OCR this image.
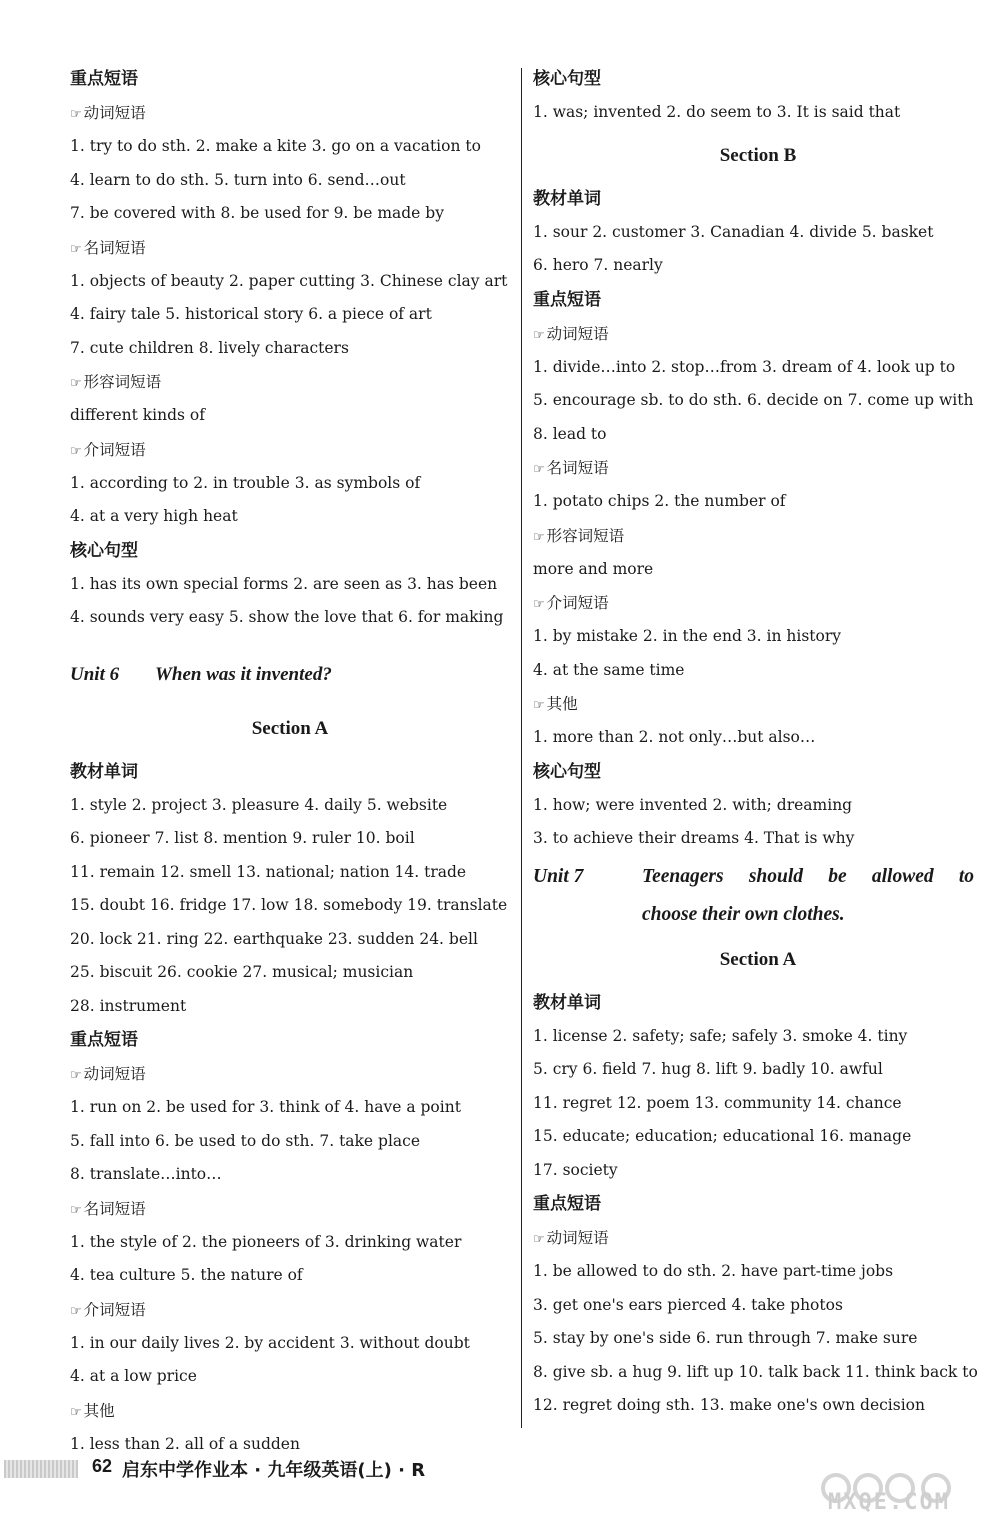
重点短语
☞ 动词短语
1. try to do sth. 2. make a kite 3. go on a vacation to
4. learn to do sth. 5. turn into 6. send…out
7. be covered with 8. be used for 9. be made by
☞ 名词短语
1. objects of beauty 2. paper cutting 3. Chinese clay art
4. fairy tale 5. historical story 6. a piece of art
7. cute children 8. lively characters
☞ 形容词短语
different kinds of
☞ 介词短语
1. according to 2. in trouble 3. as symbols of
4. at a very high heat
核心句型
1. has its own special forms 2. are seen as 3. has been
4. sounds very easy 5. show the love that 6. for making
Unit 6 When was it invented?
Section A
教材单词
1. style 2. project 3. pleasure 4. daily 5. website
6. pioneer 7. list 8. mention 9. ruler 10. boil
11. remain 12. smell 13. national; nation 14. trade
15. doubt 16. fridge 17. low 18. somebody 19. translate
20. lock 21. ring 22. earthquake 23. sudden 24. bell
25. biscuit 26. cookie 27. musical; musician
28. instrument
重点短语
☞ 动词短语
1. run on 2. be used for 3. think of 4. have a point
5. fall into 6. be used to do sth. 7. take place
8. translate…into…
☞ 名词短语
1. the style of 2. the pioneers of 3. drinking water
4. tea culture 5. the nature of
☞ 介词短语
1. in our daily lives 2. by accident 3. without doubt
4. at a low price
☞ 其他
1. less than 2. all of a sudden
核心句型
1. was; invented 2. do seem to 3. It is said that
Section B
教材单词
1. sour 2. customer 3. Canadian 4. divide 5. basket
6. hero 7. nearly
重点短语
☞ 动词短语
1. divide…into 2. stop…from 3. dream of 4. look up to
5. encourage sb. to do sth. 6. decide on 7. come up with
8. lead to
☞ 名词短语
1. potato chips 2. the number of
☞ 形容词短语
more and more
☞ 介词短语
1. by mistake 2. in the end 3. in history
4. at the same time
☞ 其他
1. more than 2. not only…but also…
核心句型
1. how; were invented 2. with; dreaming
3. to achieve their dreams 4. That is why
Unit 7	Teenagers should be allowed to
choose their own clothes.
Section A
教材单词
1. license 2. safety; safe; safely 3. smoke 4. tiny
5. cry 6. field 7. hug 8. lift 9. badly 10. awful
11. regret 12. poem 13. community 14. chance
15. educate; education; educational 16. manage
17. society
重点短语
☞ 动词短语
1. be allowed to do sth. 2. have part-time jobs
3. get one's ears pierced 4. take photos
5. stay by one's side 6. run through 7. make sure
8. give sb. a hug 9. lift up 10. talk back 11. think back to
12. regret doing sth. 13. make one's own decision
62 启东中学作业本 · 九年级英语(上) · R
MXQE.COM
